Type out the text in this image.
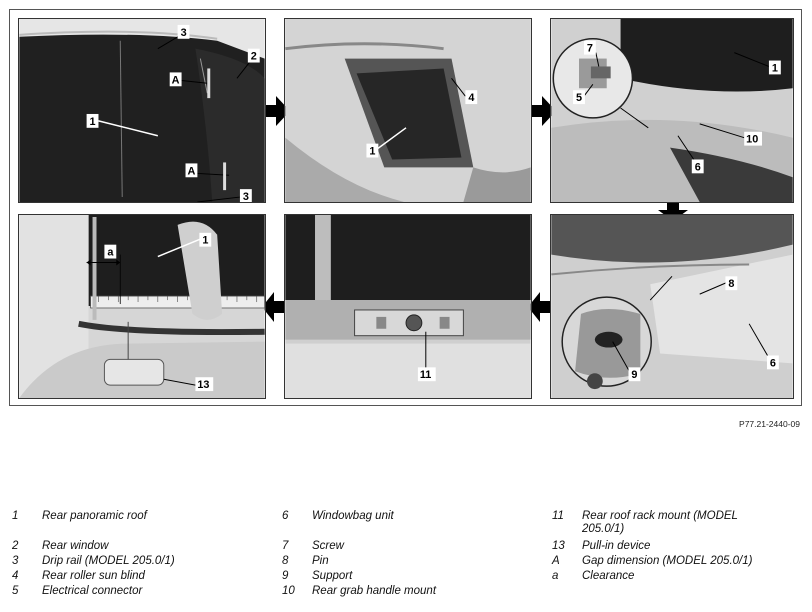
3
2
A
1
A
3
4
1
7
1
5
10
6
8
6
9
11
1
a
13
P77.21-2440-09
1 Rear panoramic roof
2 Rear window
3 Drip rail (MODEL 205.0/1)
4 Rear roller sun blind
5 Electrical connector
6 Windowbag unit
7 Screw
8 Pin
9 Support
10 Rear grab handle mount
11 Rear roof rack mount (MODEL 205.0/1)
13 Pull-in device
A Gap dimension (MODEL 205.0/1)
a Clearance
